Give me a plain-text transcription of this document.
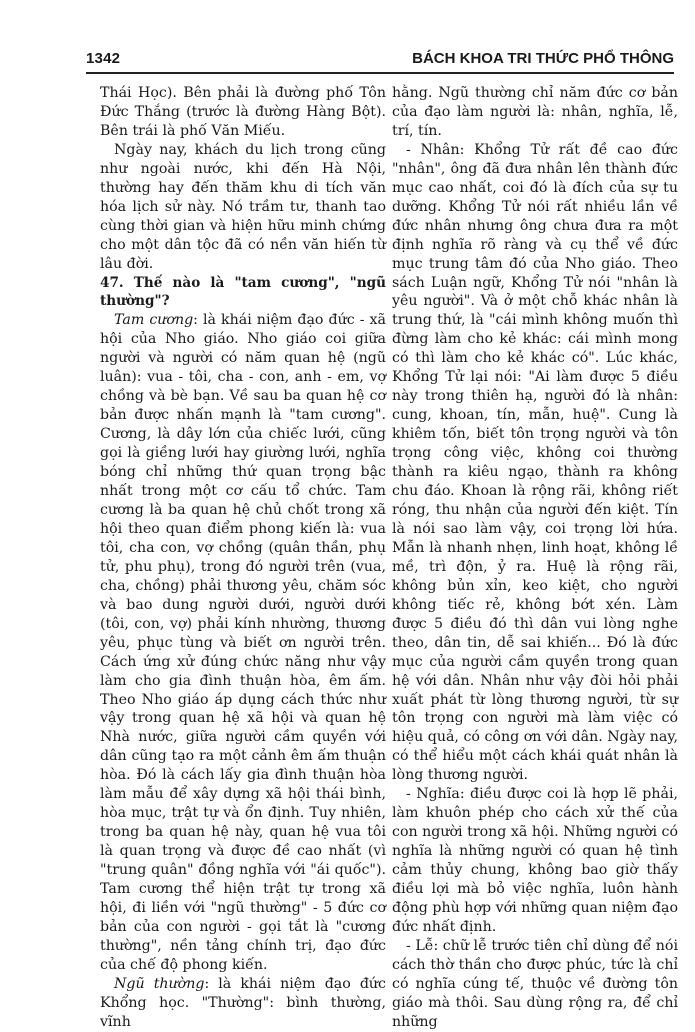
1342	BÁCH KHOA TRI THỨC PHỔ THÔNG

Thái Học). Bên phải là đường phố Tôn Đức Thắng (trước là đường Hàng Bột). Bên trái là phố Văn Miếu.

Ngày nay, khách du lịch trong cũng như ngoài nước, khi đến Hà Nội, thường hay đến thăm khu di tích văn hóa lịch sử này. Nó trầm tư, thanh tao cùng thời gian và hiện hữu minh chứng cho một dân tộc đã có nền văn hiến từ lâu đời.

47. Thế nào là "tam cương", "ngũ thường"?

Tam cương: là khái niệm đạo đức - xã hội của Nho giáo. Nho giáo coi giữa người và người có năm quan hệ (ngũ luân): vua - tôi, cha - con, anh - em, vợ chồng và bè bạn. Về sau ba quan hệ cơ bản được nhấn mạnh là "tam cương". Cương, là dây lớn của chiếc lưới, cũng gọi là giềng lưới hay giường lưới, nghĩa bóng chỉ những thứ quan trọng bậc nhất trong một cơ cấu tổ chức. Tam cương là ba quan hệ chủ chốt trong xã hội theo quan điểm phong kiến là: vua tôi, cha con, vợ chồng (quân thần, phụ tử, phu phụ), trong đó người trên (vua, cha, chồng) phải thương yêu, chăm sóc và bao dung người dưới, người dưới (tôi, con, vợ) phải kính nhường, thương yêu, phục tùng và biết ơn người trên. Cách ứng xử đúng chức năng như vậy làm cho gia đình thuận hòa, êm ấm. Theo Nho giáo áp dụng cách thức như vậy trong quan hệ xã hội và quan hệ Nhà nước, giữa người cầm quyền với dân cũng tạo ra một cảnh êm ấm thuận hòa. Đó là cách lấy gia đình thuận hòa làm mẫu để xây dựng xã hội thái bình, hòa mục, trật tự và ổn định. Tuy nhiên, trong ba quan hệ này, quan hệ vua tôi là quan trọng và được đề cao nhất (vì "trung quân" đồng nghĩa với "ái quốc"). Tam cương thể hiện trật tự trong xã hội, đi liền với "ngũ thường" - 5 đức cơ bản của con người - gọi tắt là "cương thường", nền tảng chính trị, đạo đức của chế độ phong kiến.

Ngũ thường: là khái niệm đạo đức Khổng học. "Thường": bình thường, vĩnh

hằng. Ngũ thường chỉ năm đức cơ bản của đạo làm người là: nhân, nghĩa, lễ, trí, tín.

- Nhân: Khổng Tử rất đề cao đức "nhân", ông đã đưa nhân lên thành đức mục cao nhất, coi đó là đích của sự tu dưỡng. Khổng Tử nói rất nhiều lần về đức nhân nhưng ông chưa đưa ra một định nghĩa rõ ràng và cụ thể về đức mục trung tâm đó của Nho giáo. Theo sách Luận ngữ, Khổng Tử nói "nhân là yêu người". Và ở một chỗ khác nhân là trung thứ, là "cái mình không muốn thì đừng làm cho kẻ khác: cái mình mong có thì làm cho kẻ khác có". Lúc khác, Khổng Tử lại nói: "Ai làm được 5 điều này trong thiên hạ, người đó là nhân: cung, khoan, tín, mẫn, huệ". Cung là khiêm tốn, biết tôn trọng người và tôn trọng công việc, không coi thường thành ra kiêu ngạo, thành ra không chu đáo. Khoan là rộng rãi, không riết róng, thu nhận của người đến kiệt. Tín là nói sao làm vậy, coi trọng lời hứa. Mẫn là nhanh nhẹn, linh hoạt, không lề mề, trì độn, ỷ ra. Huệ là rộng rãi, không bủn xỉn, keo kiệt, cho người không tiếc rẻ, không bớt xén. Làm được 5 điều đó thì dân vui lòng nghe theo, dân tin, dễ sai khiến... Đó là đức mục của người cầm quyền trong quan hệ với dân. Nhân như vậy đòi hỏi phải xuất phát từ lòng thương người, từ sự tôn trọng con người mà làm việc có hiệu quả, có công ơn với dân. Ngày nay, có thể hiểu một cách khái quát nhân là lòng thương người.

- Nghĩa: điều được coi là hợp lẽ phải, làm khuôn phép cho cách xử thế của con người trong xã hội. Những người có nghĩa là những người có quan hệ tình cảm thủy chung, không bao giờ thấy điều lợi mà bỏ việc nghĩa, luôn hành động phù hợp với những quan niệm đạo đức nhất định.

- Lễ: chữ lễ trước tiên chỉ dùng để nói cách thờ thần cho được phúc, tức là chỉ có nghĩa cúng tế, thuộc về đường tôn giáo mà thôi. Sau dùng rộng ra, để chỉ những
